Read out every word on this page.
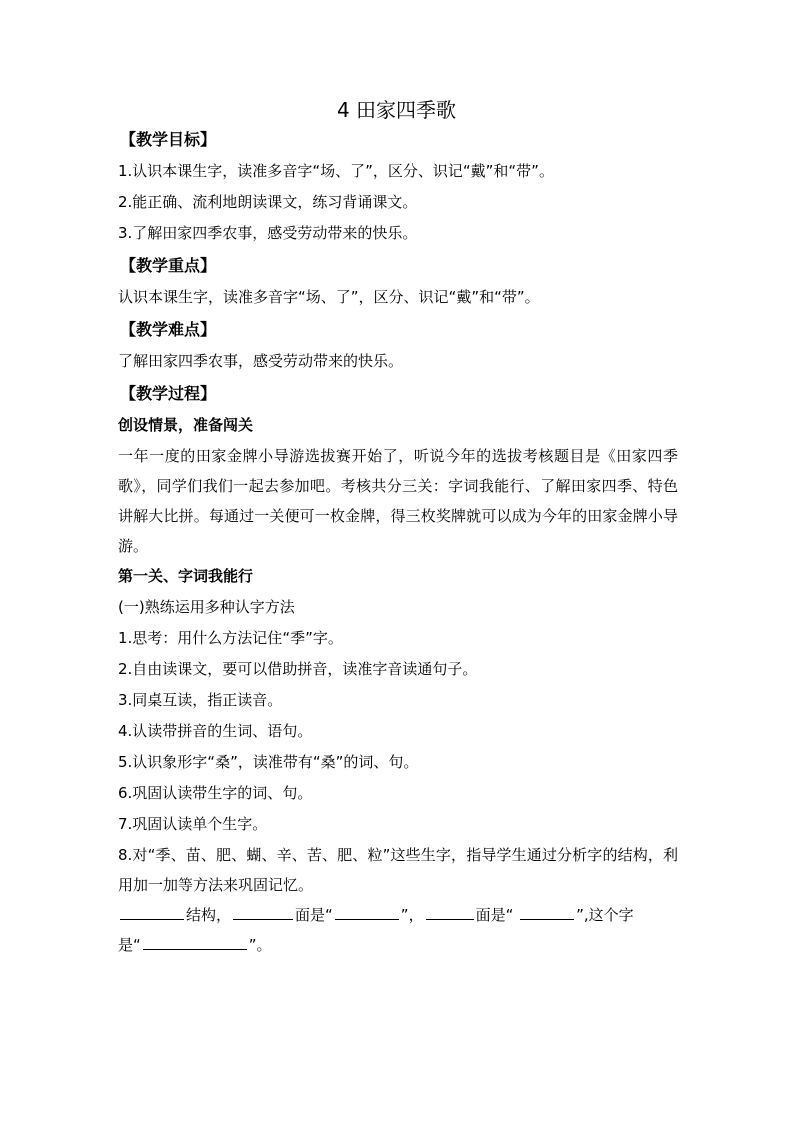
4 田家四季歌
【教学目标】
1.认识本课生字，读准多音字“场、了”，区分、识记“戴”和“带”。
2.能正确、流利地朗读课文，练习背诵课文。
3.了解田家四季农事，感受劳动带来的快乐。
【教学重点】
认识本课生字，读准多音字“场、了”，区分、识记“戴”和“带”。
【教学难点】
了解田家四季农事，感受劳动带来的快乐。
【教学过程】
创设情景，准备闯关
一年一度的田家金牌小导游选拔赛开始了，听说今年的选拔考核题目是《田家四季歌》，同学们我们一起去参加吧。考核共分三关：字词我能行、了解田家四季、特色讲解大比拼。每通过一关便可一枚金牌，得三枚奖牌就可以成为今年的田家金牌小导游。
第一关、字词我能行
(一)熟练运用多种认字方法
1.思考：用什么方法记住“季”字。
2.自由读课文，要可以借助拼音，读准字音读通句子。
3.同桌互读，指正读音。
4.认读带拼音的生词、语句。
5.认识象形字“桑”，读准带有“桑”的词、句。
6.巩固认读带生字的词、句。
7.巩固认读单个生字。
8.对“季、苗、肥、蝴、辛、苦、肥、粒”这些生字，指导学生通过分析字的结构，利用加一加等方法来巩固记忆。
结构，	面是“	”，	面是“	”,这个字
是“	”。
